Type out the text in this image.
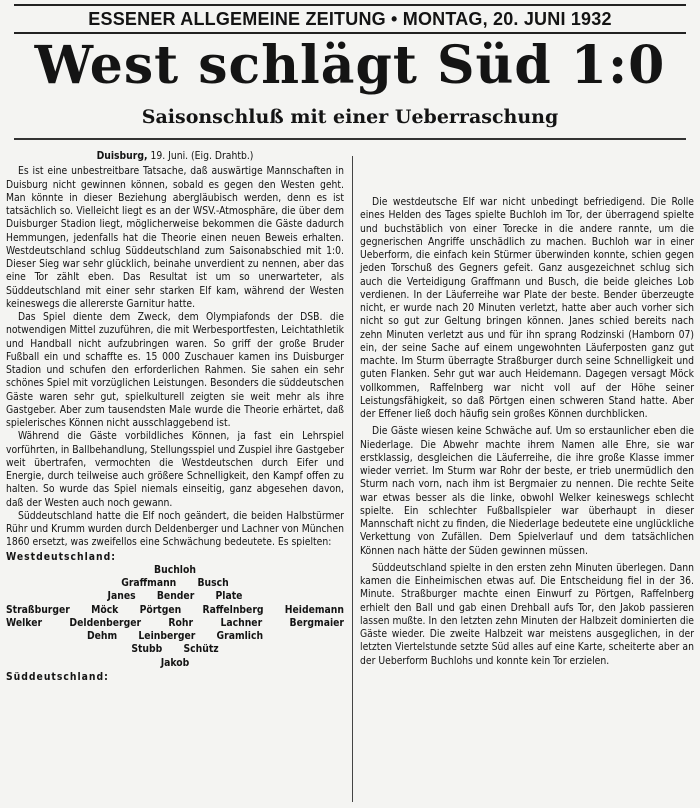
ESSENER ALLGEMEINE ZEITUNG • MONTAG, 20. JUNI 1932
West schlägt Süd 1:0
Saisonschluß mit einer Ueberraschung

Duisburg, 19. Juni. (Eig. Drahtb.)

Es ist eine unbestreitbare Tatsache, daß auswärtige Mannschaften in Duisburg nicht gewinnen können, sobald es gegen den Westen geht. Man könnte in dieser Beziehung abergläubisch werden, denn es ist tatsächlich so. Vielleicht liegt es an der WSV.-Atmosphäre, die über dem Duisburger Stadion liegt, möglicherweise bekommen die Gäste dadurch Hemmungen, jedenfalls hat die Theorie einen neuen Beweis erhalten. Westdeutschland schlug Süddeutschland zum Saisonabschied mit 1:0. Dieser Sieg war sehr glücklich, beinahe unverdient zu nennen, aber das eine Tor zählt eben. Das Resultat ist um so unerwarteter, als Süddeutschland mit einer sehr starken Elf kam, während der Westen keineswegs die allererste Garnitur hatte.

Das Spiel diente dem Zweck, dem Olympiafonds der DSB. die notwendigen Mittel zuzuführen, die mit Werbesportfesten, Leichtathletik und Handball nicht aufzubringen waren. So griff der große Bruder Fußball ein und schaffte es. 15 000 Zuschauer kamen ins Duisburger Stadion und schufen den erforderlichen Rahmen. Sie sahen ein sehr schönes Spiel mit vorzüglichen Leistungen. Besonders die süddeutschen Gäste waren sehr gut, spielkulturell zeigten sie weit mehr als ihre Gastgeber. Aber zum tausendsten Male wurde die Theorie erhärtet, daß spielerisches Können nicht ausschlaggebend ist.

Während die Gäste vorbildliches Können, ja fast ein Lehrspiel vorführten, in Ballbehandlung, Stellungsspiel und Zuspiel ihre Gastgeber weit übertrafen, vermochten die Westdeutschen durch Eifer und Energie, durch teilweise auch größere Schnelligkeit, den Kampf offen zu halten. So wurde das Spiel niemals einseitig, ganz abgesehen davon, daß der Westen auch noch gewann.

Süddeutschland hatte die Elf noch geändert, die beiden Halbstürmer Rühr und Krumm wurden durch Deldenberger und Lachner von München 1860 ersetzt, was zweifellos eine Schwächung bedeutete. Es spielten:

Westdeutschland:

Buchloh

Graffmann Busch

Janes Bender Plate

Straßburger Möck Pörtgen Raffelnberg Heidemann

Welker Deldenberger Rohr Lachner Bergmaier

Dehm Leinberger Gramlich

Stubb Schütz

Jakob

Süddeutschland:

Die westdeutsche Elf war nicht unbedingt befriedigend. Die Rolle eines Helden des Tages spielte Buchloh im Tor, der überragend spielte und buchstäblich von einer Torecke in die andere rannte, um die gegnerischen Angriffe unschädlich zu machen. Buchloh war in einer Ueberform, die einfach kein Stürmer überwinden konnte, schien gegen jeden Torschuß des Gegners gefeit. Ganz ausgezeichnet schlug sich auch die Verteidigung Graffmann und Busch, die beide gleiches Lob verdienen. In der Läuferreihe war Plate der beste. Bender überzeugte nicht, er wurde nach 20 Minuten verletzt, hatte aber auch vorher sich nicht so gut zur Geltung bringen können. Janes schied bereits nach zehn Minuten verletzt aus und für ihn sprang Rodzinski (Hamborn 07) ein, der seine Sache auf einem ungewohnten Läuferposten ganz gut machte. Im Sturm überragte Straßburger durch seine Schnelligkeit und guten Flanken. Sehr gut war auch Heidemann. Dagegen versagt Möck vollkommen, Raffelnberg war nicht voll auf der Höhe seiner Leistungsfähigkeit, so daß Pörtgen einen schweren Stand hatte. Aber der Effener ließ doch häufig sein großes Können durchblicken.

Die Gäste wiesen keine Schwäche auf. Um so erstaunlicher eben die Niederlage. Die Abwehr machte ihrem Namen alle Ehre, sie war erstklassig, desgleichen die Läuferreihe, die ihre große Klasse immer wieder verriet. Im Sturm war Rohr der beste, er trieb unermüdlich den Sturm nach vorn, nach ihm ist Bergmaier zu nennen. Die rechte Seite war etwas besser als die linke, obwohl Welker keineswegs schlecht spielte. Ein schlechter Fußballspieler war überhaupt in dieser Mannschaft nicht zu finden, die Niederlage bedeutete eine unglückliche Verkettung von Zufällen. Dem Spielverlauf und dem tatsächlichen Können nach hätte der Süden gewinnen müssen.

Süddeutschland spielte in den ersten zehn Minuten überlegen. Dann kamen die Einheimischen etwas auf. Die Entscheidung fiel in der 36. Minute. Straßburger machte einen Einwurf zu Pörtgen, Raffelnberg erhielt den Ball und gab einen Drehball aufs Tor, den Jakob passieren lassen mußte. In den letzten zehn Minuten der Halbzeit dominierten die Gäste wieder. Die zweite Halbzeit war meistens ausgeglichen, in der letzten Viertelstunde setzte Süd alles auf eine Karte, scheiterte aber an der Ueberform Buchlohs und konnte kein Tor erzielen.
